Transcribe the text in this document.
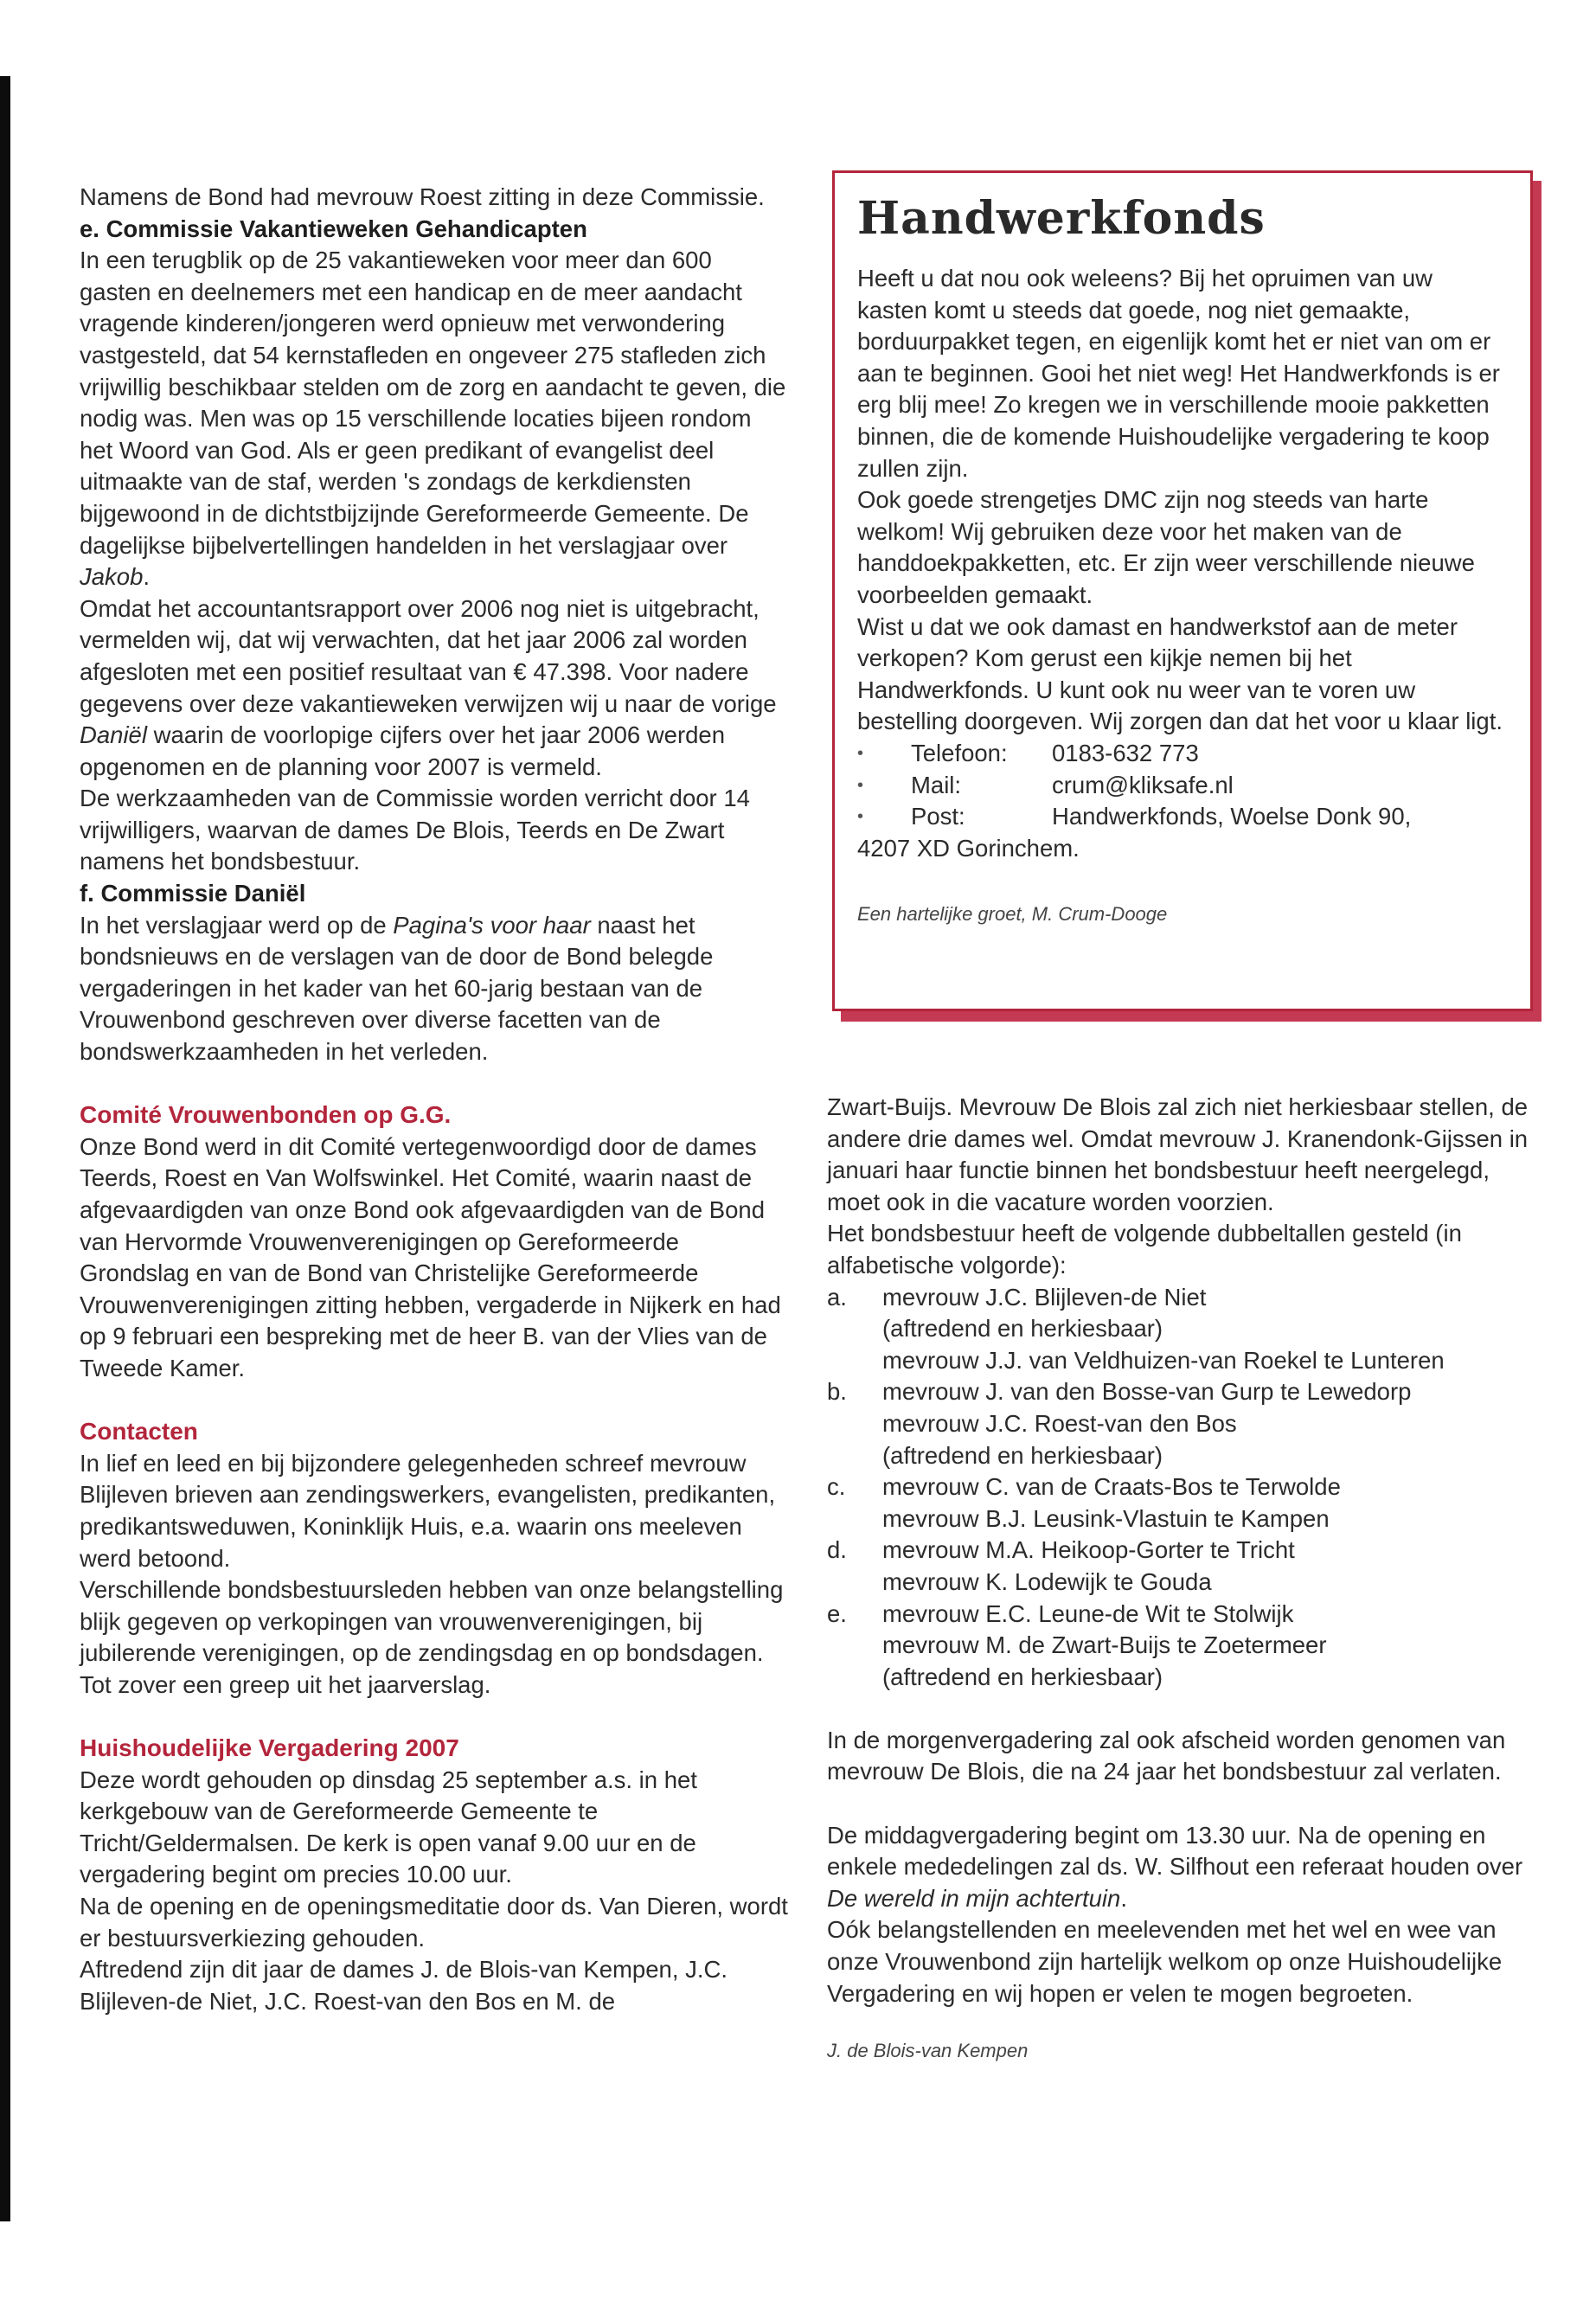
Namens de Bond had mevrouw Roest zitting in deze Commissie.

e. Commissie Vakantieweken Gehandicapten

In een terugblik op de 25 vakantieweken voor meer dan 600 gasten en deelnemers met een handicap en de meer aandacht vragende kinderen/jongeren werd opnieuw met verwondering vastgesteld, dat 54 kernstafleden en ongeveer 275 stafleden zich vrijwillig beschikbaar stelden om de zorg en aandacht te geven, die nodig was. Men was op 15 verschillende locaties bijeen rondom het Woord van God. Als er geen predikant of evangelist deel uitmaakte van de staf, werden 's zondags de kerkdiensten bijgewoond in de dichtstbijzijnde Gereformeerde Gemeente. De dagelijkse bijbelvertellingen handelden in het verslagjaar over Jakob.

Omdat het accountantsrapport over 2006 nog niet is uitgebracht, vermelden wij, dat wij verwachten, dat het jaar 2006 zal worden afgesloten met een positief resultaat van € 47.398. Voor nadere gegevens over deze vakantieweken verwijzen wij u naar de vorige Daniël waarin de voorlopige cijfers over het jaar 2006 werden opgenomen en de planning voor 2007 is vermeld.

De werkzaamheden van de Commissie worden verricht door 14 vrijwilligers, waarvan de dames De Blois, Teerds en De Zwart namens het bondsbestuur.

f. Commissie Daniël

In het verslagjaar werd op de Pagina's voor haar naast het bondsnieuws en de verslagen van de door de Bond belegde vergaderingen in het kader van het 60-jarig bestaan van de Vrouwenbond geschreven over diverse facetten van de bondswerkzaamheden in het verleden.

Comité Vrouwenbonden op G.G.

Onze Bond werd in dit Comité vertegenwoordigd door de dames Teerds, Roest en Van Wolfswinkel. Het Comité, waarin naast de afgevaardigden van onze Bond ook afgevaardigden van de Bond van Hervormde Vrouwenverenigingen op Gereformeerde Grondslag en van de Bond van Christelijke Gereformeerde Vrouwenverenigingen zitting hebben, vergaderde in Nijkerk en had op 9 februari een bespreking met de heer B. van der Vlies van de Tweede Kamer.

Contacten

In lief en leed en bij bijzondere gelegenheden schreef mevrouw Blijleven brieven aan zendingswerkers, evangelisten, predikanten, predikantsweduwen, Koninklijk Huis, e.a. waarin ons meeleven werd betoond.

Verschillende bondsbestuursleden hebben van onze belangstelling blijk gegeven op verkopingen van vrouwenverenigingen, bij jubilerende verenigingen, op de zendingsdag en op bondsdagen.

Tot zover een greep uit het jaarverslag.

Huishoudelijke Vergadering 2007

Deze wordt gehouden op dinsdag 25 september a.s. in het kerkgebouw van de Gereformeerde Gemeente te Tricht/Geldermalsen. De kerk is open vanaf 9.00 uur en de vergadering begint om precies 10.00 uur.

Na de opening en de openingsmeditatie door ds. Van Dieren, wordt er bestuursverkiezing gehouden.

Aftredend zijn dit jaar de dames J. de Blois-van Kempen, J.C. Blijleven-de Niet, J.C. Roest-van den Bos en M. de

Handwerkfonds

Heeft u dat nou ook weleens? Bij het opruimen van uw kasten komt u steeds dat goede, nog niet gemaakte, borduurpakket tegen, en eigenlijk komt het er niet van om er aan te beginnen. Gooi het niet weg! Het Handwerkfonds is er erg blij mee! Zo kregen we in verschillende mooie pakketten binnen, die de komende Huishoudelijke vergadering te koop zullen zijn.

Ook goede strengetjes DMC zijn nog steeds van harte welkom! Wij gebruiken deze voor het maken van de handdoekpakketten, etc. Er zijn weer verschillende nieuwe voorbeelden gemaakt.

Wist u dat we ook damast en handwerkstof aan de meter verkopen? Kom gerust een kijkje nemen bij het Handwerkfonds. U kunt ook nu weer van te voren uw bestelling doorgeven. Wij zorgen dan dat het voor u klaar ligt.

•	Telefoon:	0183-632 773
•	Mail:	crum@kliksafe.nl
•	Post:	Handwerkfonds, Woelse Donk 90,

4207 XD Gorinchem.

Een hartelijke groet, M. Crum-Dooge

Zwart-Buijs. Mevrouw De Blois zal zich niet herkiesbaar stellen, de andere drie dames wel. Omdat mevrouw J. Kranendonk-Gijssen in januari haar functie binnen het bondsbestuur heeft neergelegd, moet ook in die vacature worden voorzien.

Het bondsbestuur heeft de volgende dubbeltallen gesteld (in alfabetische volgorde):

a.	mevrouw J.C. Blijleven-de Niet
(aftredend en herkiesbaar)
mevrouw J.J. van Veldhuizen-van Roekel te Lunteren
b.	mevrouw J. van den Bosse-van Gurp te Lewedorp
mevrouw J.C. Roest-van den Bos
(aftredend en herkiesbaar)
c.	mevrouw C. van de Craats-Bos te Terwolde
mevrouw B.J. Leusink-Vlastuin te Kampen
d.	mevrouw M.A. Heikoop-Gorter te Tricht
mevrouw K. Lodewijk te Gouda
e.	mevrouw E.C. Leune-de Wit te Stolwijk
mevrouw M. de Zwart-Buijs te Zoetermeer
(aftredend en herkiesbaar)

In de morgenvergadering zal ook afscheid worden genomen van mevrouw De Blois, die na 24 jaar het bondsbestuur zal verlaten.

De middagvergadering begint om 13.30 uur. Na de opening en enkele mededelingen zal ds. W. Silfhout een referaat houden over De wereld in mijn achtertuin.

Oók belangstellenden en meelevenden met het wel en wee van onze Vrouwenbond zijn hartelijk welkom op onze Huishoudelijke Vergadering en wij hopen er velen te mogen begroeten.

J. de Blois-van Kempen
